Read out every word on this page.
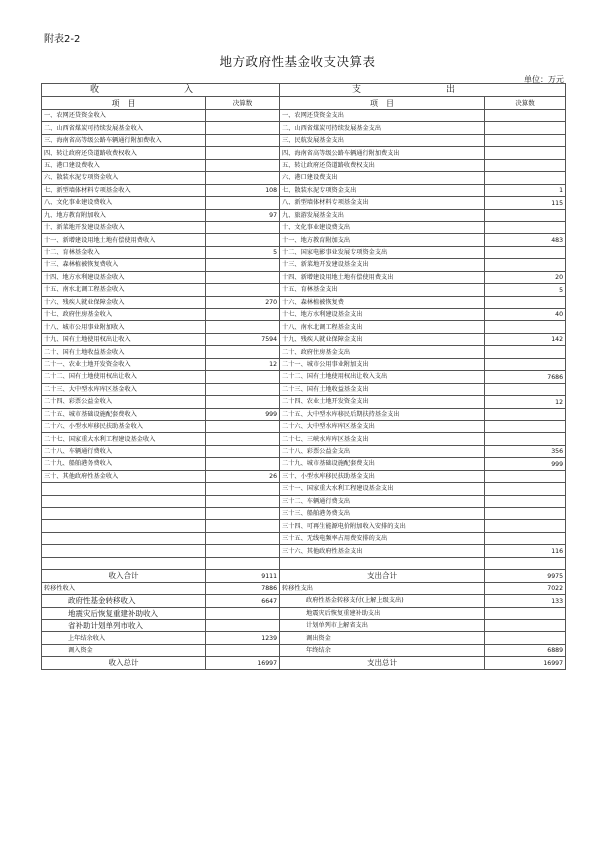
附表2-2
地方政府性基金收支决算表
单位：万元
收　入		支　出	
项　目	决算数	项　目	决算数
一、农网还贷资金收入		一、农网还贷资金支出	
二、山西省煤炭可持续发展基金收入		二、山西省煤炭可持续发展基金支出	
三、海南省高等级公路车辆通行附加费收入		三、民航发展基金支出	
四、转让政府还贷道路收费权收入		四、海南省高等级公路车辆通行附加费支出	
五、港口建设费收入		五、转让政府还贷道路收费权支出	
六、散装水泥专项资金收入		六、港口建设费支出	
七、新型墙体材料专项基金收入	108	七、散装水泥专项资金支出	1
八、文化事业建设费收入		八、新型墙体材料专项基金支出	115
九、地方教育附加收入	97	九、旅游发展基金支出	
十、新菜地开发建设基金收入		十、文化事业建设费支出	
十一、新增建设用地土地有偿使用费收入		十一、地方教育附加支出	483
十二、育林基金收入	5	十二、国家电影事业发展专项资金支出	
十三、森林植被恢复费收入		十三、新菜地开发建设基金支出	
十四、地方水利建设基金收入		十四、新增建设用地土地有偿使用费支出	20
十五、南水北调工程基金收入		十五、育林基金支出	5
十六、残疾人就业保障金收入	270	十六、森林植被恢复费	
十七、政府住房基金收入		十七、地方水利建设基金支出	40
十八、城市公用事业附加收入		十八、南水北调工程基金支出	
十九、国有土地使用权出让收入	7594	十九、残疾人就业保障金支出	142
二十、国有土地收益基金收入		二十、政府住房基金支出	
二十一、农业土地开发资金收入	12	二十一、城市公用事业附加支出	
二十二、国有土地使用权出让收入		二十二、国有土地使用权出让收入支出	7686
二十三、大中型水库库区基金收入		二十三、国有土地收益基金支出	
二十四、彩票公益金收入		二十四、农业土地开发资金支出	12
二十五、城市基础设施配套费收入	999	二十五、大中型水库移民后期扶持基金支出	
二十六、小型水库移民扶助基金收入		二十六、大中型水库库区基金支出	
二十七、国家重大水利工程建设基金收入		二十七、三峡水库库区基金支出	
二十八、车辆通行费收入		二十八、彩票公益金支出	356
二十九、船舶港务费收入		二十九、城市基础设施配套费支出	999
三十、其他政府性基金收入	26	三十、小型水库移民扶助基金支出	
		三十一、国家重大水利工程建设基金支出	
		三十二、车辆通行费支出	
		三十三、船舶港务费支出	
		三十四、可再生能源电价附加收入安排的支出	
		三十五、无线电频率占用费安排的支出	
		三十六、其他政府性基金支出	116

收入合计	9111	支出合计	9975
转移性收入	7886	转移性支出	7022
政府性基金转移收入	6647	政府性基金转移支付(上解上级支出)	133
地震灾后恢复重建补助收入		地震灾后恢复重建补助支出	
省补助计划单列市收入		计划单列市上解省支出	
上年结余收入	1239	调出资金	
调入资金		年终结余	6889
收入总计	16997	支出总计	16997
